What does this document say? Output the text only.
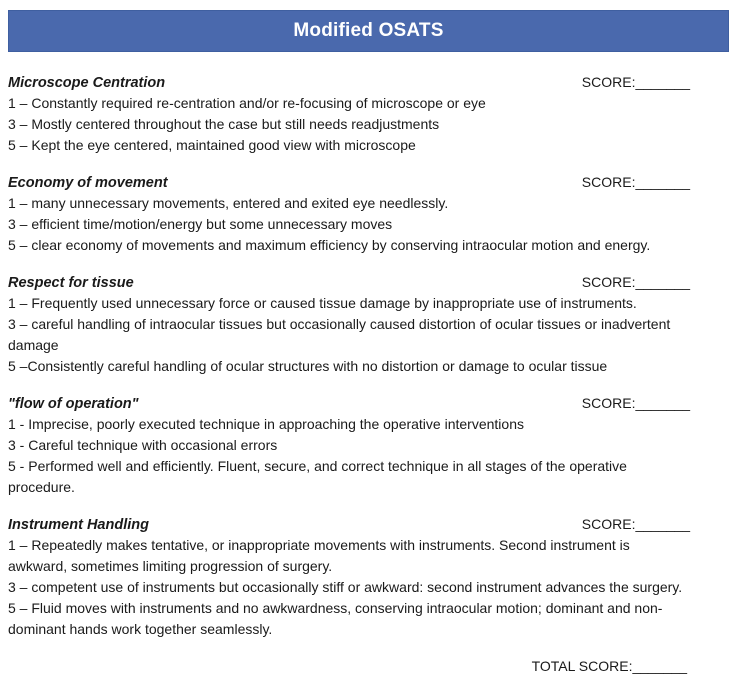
Modified OSATS
Microscope Centration	SCORE:_______
1 – Constantly required re-centration and/or re-focusing of microscope or eye
3 – Mostly centered throughout the case but still needs readjustments
5 – Kept the eye centered, maintained good view with microscope
Economy of movement	SCORE:_______
1 – many unnecessary movements, entered and exited eye needlessly.
3 – efficient time/motion/energy but some unnecessary moves
5 – clear economy of movements and maximum efficiency by conserving intraocular motion and energy.
Respect for tissue	SCORE:_______
1 – Frequently used unnecessary force or caused tissue damage by inappropriate use of instruments.
3 – careful handling of intraocular tissues but occasionally caused distortion of ocular tissues or inadvertent
damage
5 –Consistently careful handling of ocular structures with no distortion or damage to ocular tissue
"flow of operation"	SCORE:_______
1 - Imprecise, poorly executed technique in approaching the operative interventions
3 - Careful technique with occasional errors
5 - Performed well and efficiently. Fluent, secure, and correct technique in all stages of the operative
procedure.
Instrument Handling	SCORE:_______
1 – Repeatedly makes tentative, or inappropriate movements with instruments. Second instrument is
awkward, sometimes limiting progression of surgery.
3 – competent use of instruments but occasionally stiff or awkward: second instrument advances the surgery.
5 – Fluid moves with instruments and no awkwardness, conserving intraocular motion; dominant and non-
dominant hands work together seamlessly.
TOTAL SCORE:_______
